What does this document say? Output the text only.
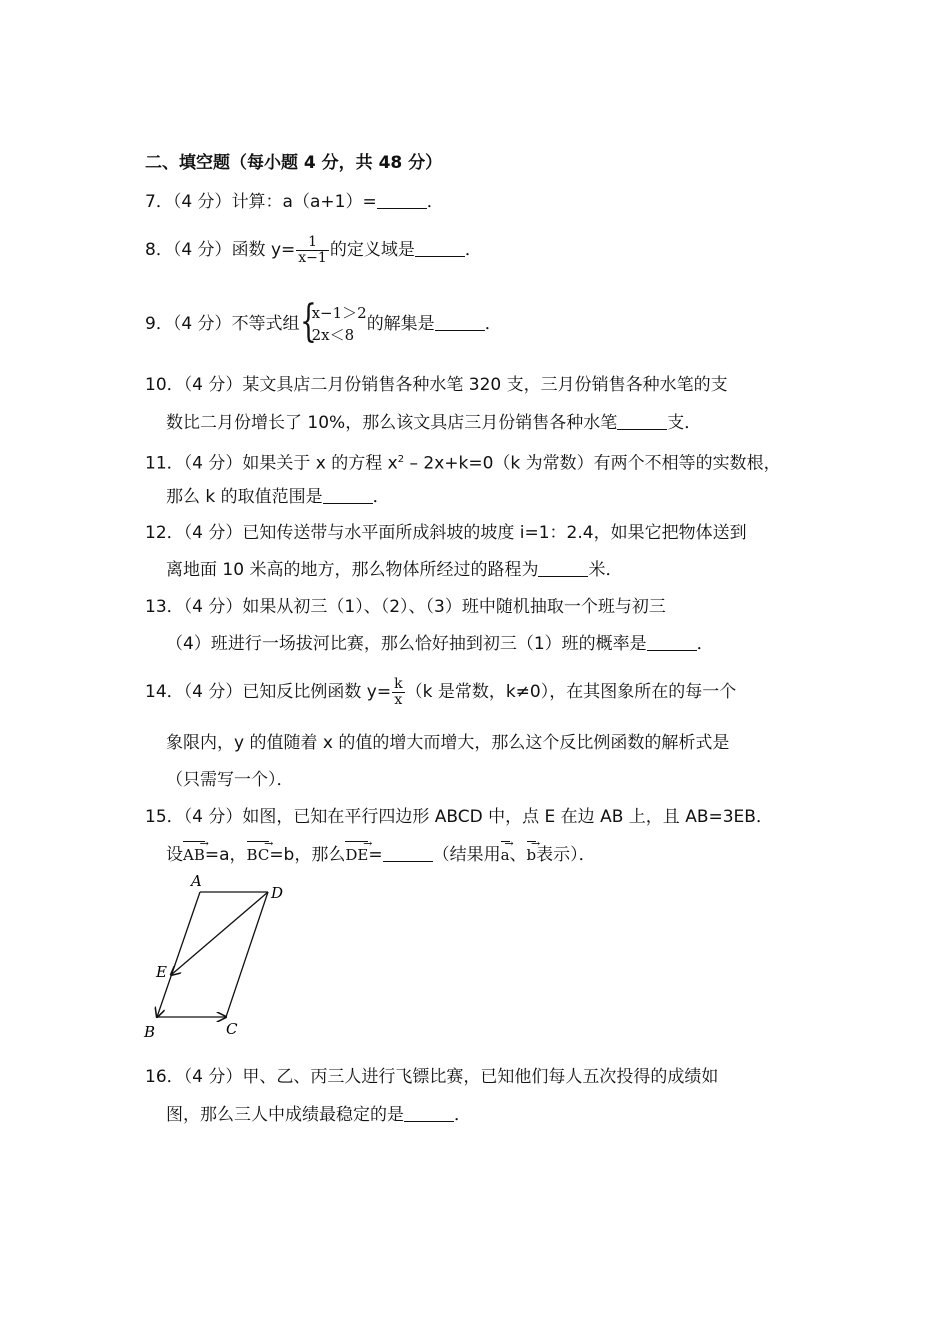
二、填空题（每小题 4 分，共 48 分）
7．（4 分）计算：a（a+1）=	．
8．（4 分）函数 $y= \frac{1}{x-1}$ 的定义域是	．
9．（4 分）不等式组 {
x−1＞2
2x＜8
的解集是	．
10．（4 分）某文具店二月份销售各种水笔 320 支，三月份销售各种水笔的支
数比二月份增长了 10%，那么该文具店三月份销售各种水笔	支．
11．（4 分）如果关于 x 的方程 $x^2 - 2x+k=0(k$ 为常数）有两个不相等的实数根，
那么 k 的取值范围是	．
12．（4 分）已知传送带与水平面所成斜坡的坡度 i=1：2.4，如果它把物体送到
离地面 10 米高的地方，那么物体所经过的路程为	米．
13．（4 分）如果从初三（1）、（2）、（3）班中随机抽取一个班与初三
（4）班进行一场拔河比赛，那么恰好抽到初三（1）班的概率是	．
14．（4 分）已知反比例函数 $y= \frac{k}{x} (k$ 是常数，k≠0），在其图象所在的每一个
象限内，y 的值随着 x 的值的增大而增大，那么这个反比例函数的解析式是
（只需写一个）．
15．（4 分）如图，已知在平行四边形 ABCD 中，点 E 在边 AB 上，且 AB=3EB．
设AB →=a，BC →=b，那么DE →=	（结果用a →、b →表示）．
A
D
E
B	C
16．（4 分）甲、乙、丙三人进行飞镖比赛，已知他们每人五次投得的成绩如
图，那么三人中成绩最稳定的是	．
